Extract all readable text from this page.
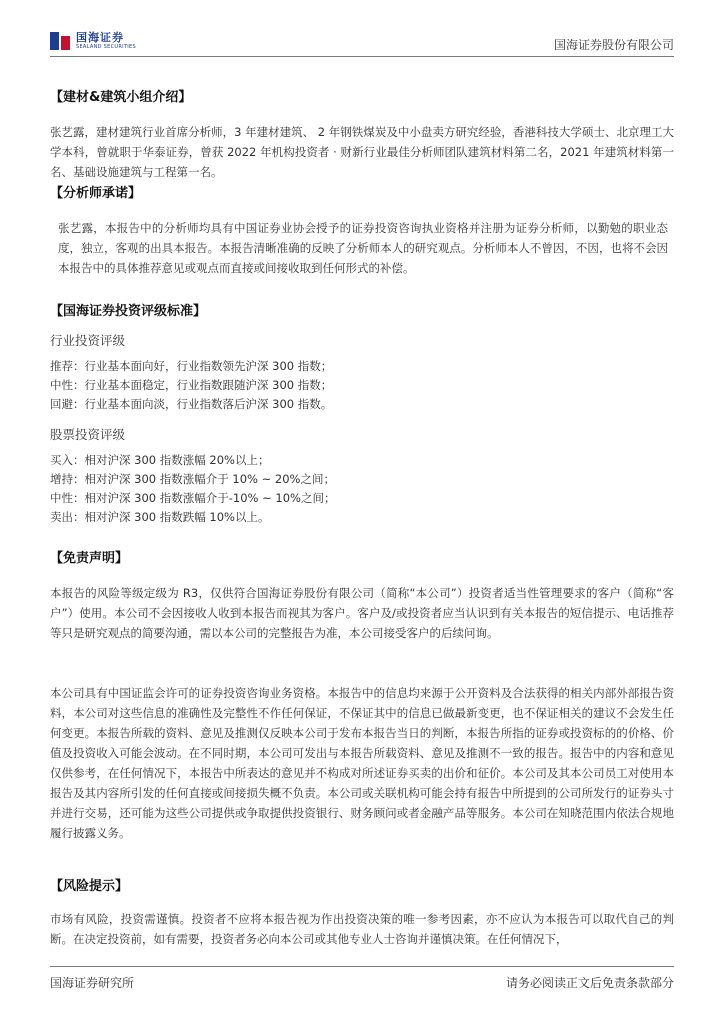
国海证券
SEALAND SECURITIES	国海证券股份有限公司
【建材&建筑小组介绍】

张艺露，建材建筑行业首席分析师，3 年建材建筑、 2 年钢铁煤炭及中小盘卖方研究经验，香港科技大学硕士、北京理工大学本科，曾就职于华泰证券，曾获 2022 年机构投资者 · 财新行业最佳分析师团队建筑材料第二名，2021 年建筑材料第一名、基础设施建筑与工程第一名。

【分析师承诺】

张艺露，本报告中的分析师均具有中国证券业协会授予的证券投资咨询执业资格并注册为证券分析师，以勤勉的职业态度，独立，客观的出具本报告。本报告清晰准确的反映了分析师本人的研究观点。分析师本人不曾因，不因，也将不会因本报告中的具体推荐意见或观点而直接或间接收取到任何形式的补偿。

【国海证券投资评级标准】
行业投资评级
推荐：行业基本面向好，行业指数领先沪深 300 指数；
中性：行业基本面稳定，行业指数跟随沪深 300 指数；
回避：行业基本面向淡，行业指数落后沪深 300 指数。
股票投资评级
买入：相对沪深 300 指数涨幅 20%以上；
增持：相对沪深 300 指数涨幅介于 10% ~ 20%之间；
中性：相对沪深 300 指数涨幅介于-10% ~ 10%之间；
卖出：相对沪深 300 指数跌幅 10%以上。
【免责声明】

本报告的风险等级定级为 R3，仅供符合国海证券股份有限公司（简称“本公司”）投资者适当性管理要求的客户（简称“客户”）使用。本公司不会因接收人收到本报告而视其为客户。客户及/或投资者应当认识到有关本报告的短信提示、电话推荐等只是研究观点的简要沟通，需以本公司的完整报告为准，本公司接受客户的后续问询。

本公司具有中国证监会许可的证券投资咨询业务资格。本报告中的信息均来源于公开资料及合法获得的相关内部外部报告资料，本公司对这些信息的准确性及完整性不作任何保证，不保证其中的信息已做最新变更，也不保证相关的建议不会发生任何变更。本报告所载的资料、意见及推测仅反映本公司于发布本报告当日的判断，本报告所指的证券或投资标的的价格、价值及投资收入可能会波动。在不同时期，本公司可发出与本报告所载资料、意见及推测不一致的报告。报告中的内容和意见仅供参考，在任何情况下，本报告中所表达的意见并不构成对所述证券买卖的出价和征价。本公司及其本公司员工对使用本报告及其内容所引发的任何直接或间接损失概不负责。本公司或关联机构可能会持有报告中所提到的公司所发行的证券头寸并进行交易，还可能为这些公司提供或争取提供投资银行、财务顾问或者金融产品等服务。本公司在知晓范围内依法合规地履行披露义务。

【风险提示】

市场有风险，投资需谨慎。投资者不应将本报告视为作出投资决策的唯一参考因素，亦不应认为本报告可以取代自己的判断。在决定投资前，如有需要，投资者务必向本公司或其他专业人士咨询并谨慎决策。在任何情况下，

国海证券研究所	请务必阅读正文后免责条款部分
